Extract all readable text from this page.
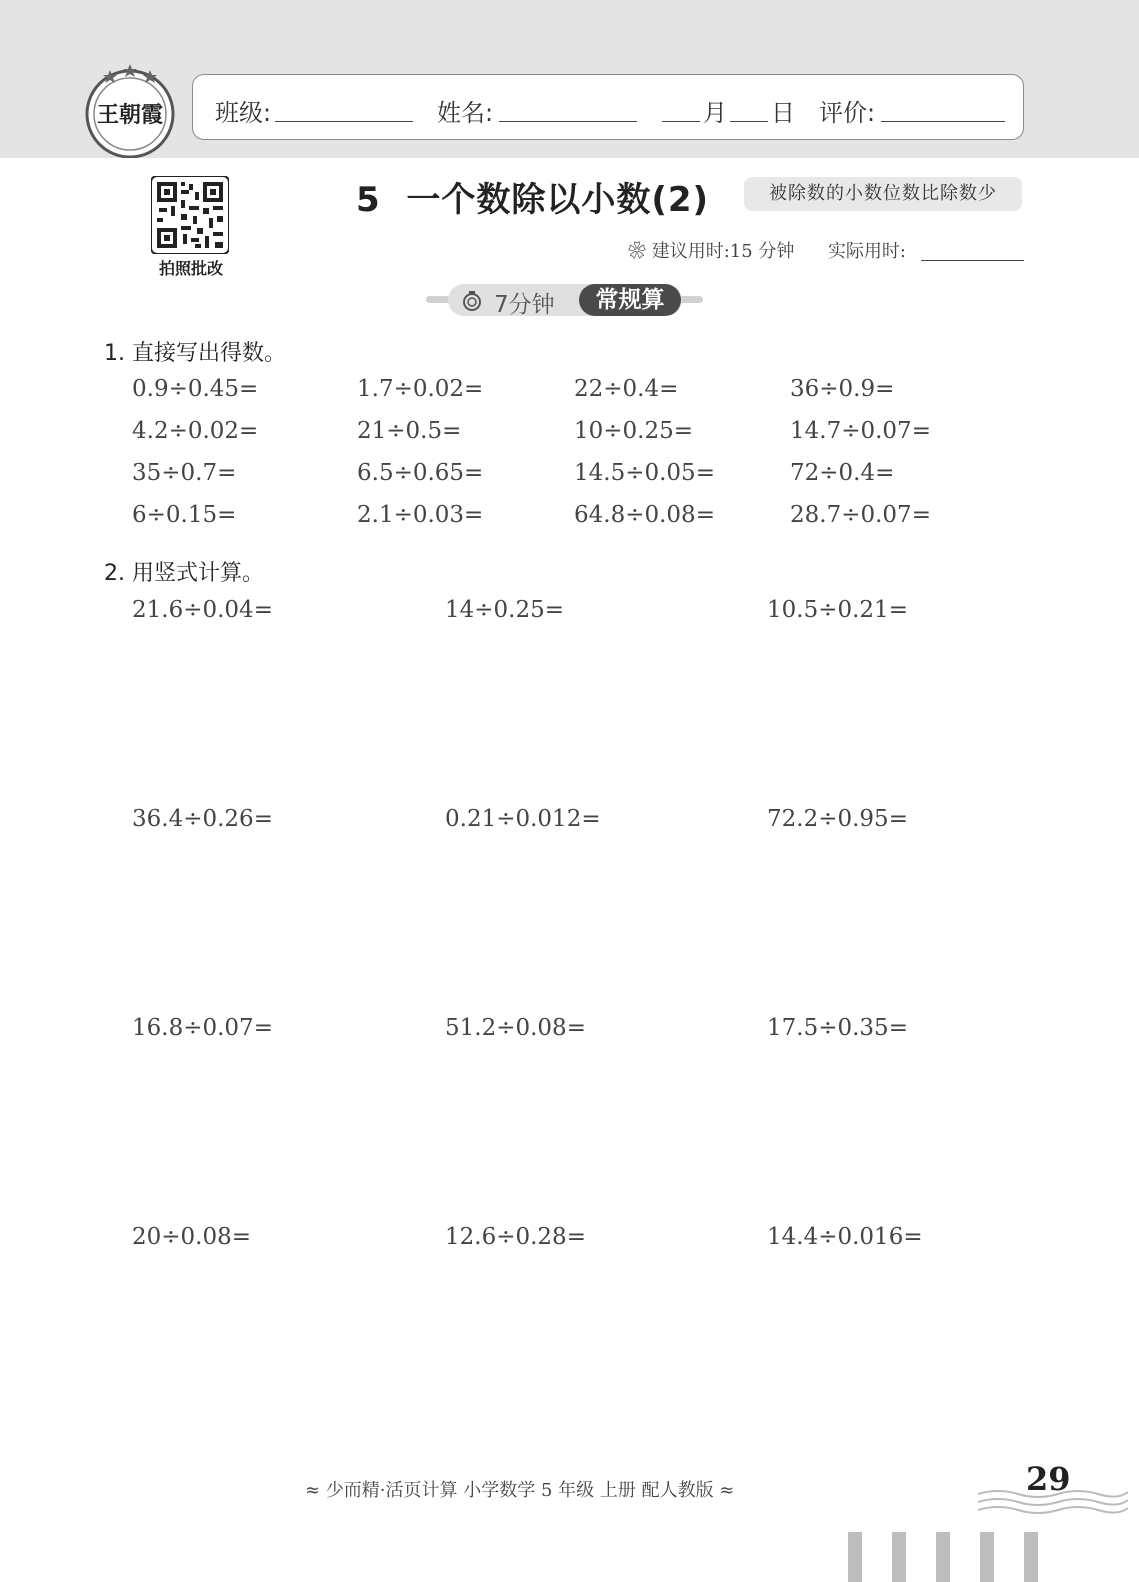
王朝霞 班级:	姓名:	月 日 评价:
拍照批改
5  一个数除以小数(2)	被除数的小数位数比除数少
❀ 建议用时:15 分钟 实际用时:
7分钟	常规算
1. 直接写出得数。
0.9÷0.45=	1.7÷0.02=	22÷0.4=	36÷0.9=
4.2÷0.02=	21÷0.5=	10÷0.25=	14.7÷0.07=
35÷0.7=	6.5÷0.65=	14.5÷0.05=	72÷0.4=
6÷0.15=	2.1÷0.03=	64.8÷0.08=	28.7÷0.07=
2. 用竖式计算。
21.6÷0.04=	14÷0.25=	10.5÷0.21=
36.4÷0.26=	0.21÷0.012=	72.2÷0.95=
16.8÷0.07=	51.2÷0.08=	17.5÷0.35=
20÷0.08=	12.6÷0.28=	14.4÷0.016=
≈ 少而精·活页计算 小学数学 5 年级 上册 配人教版 ≈	29
